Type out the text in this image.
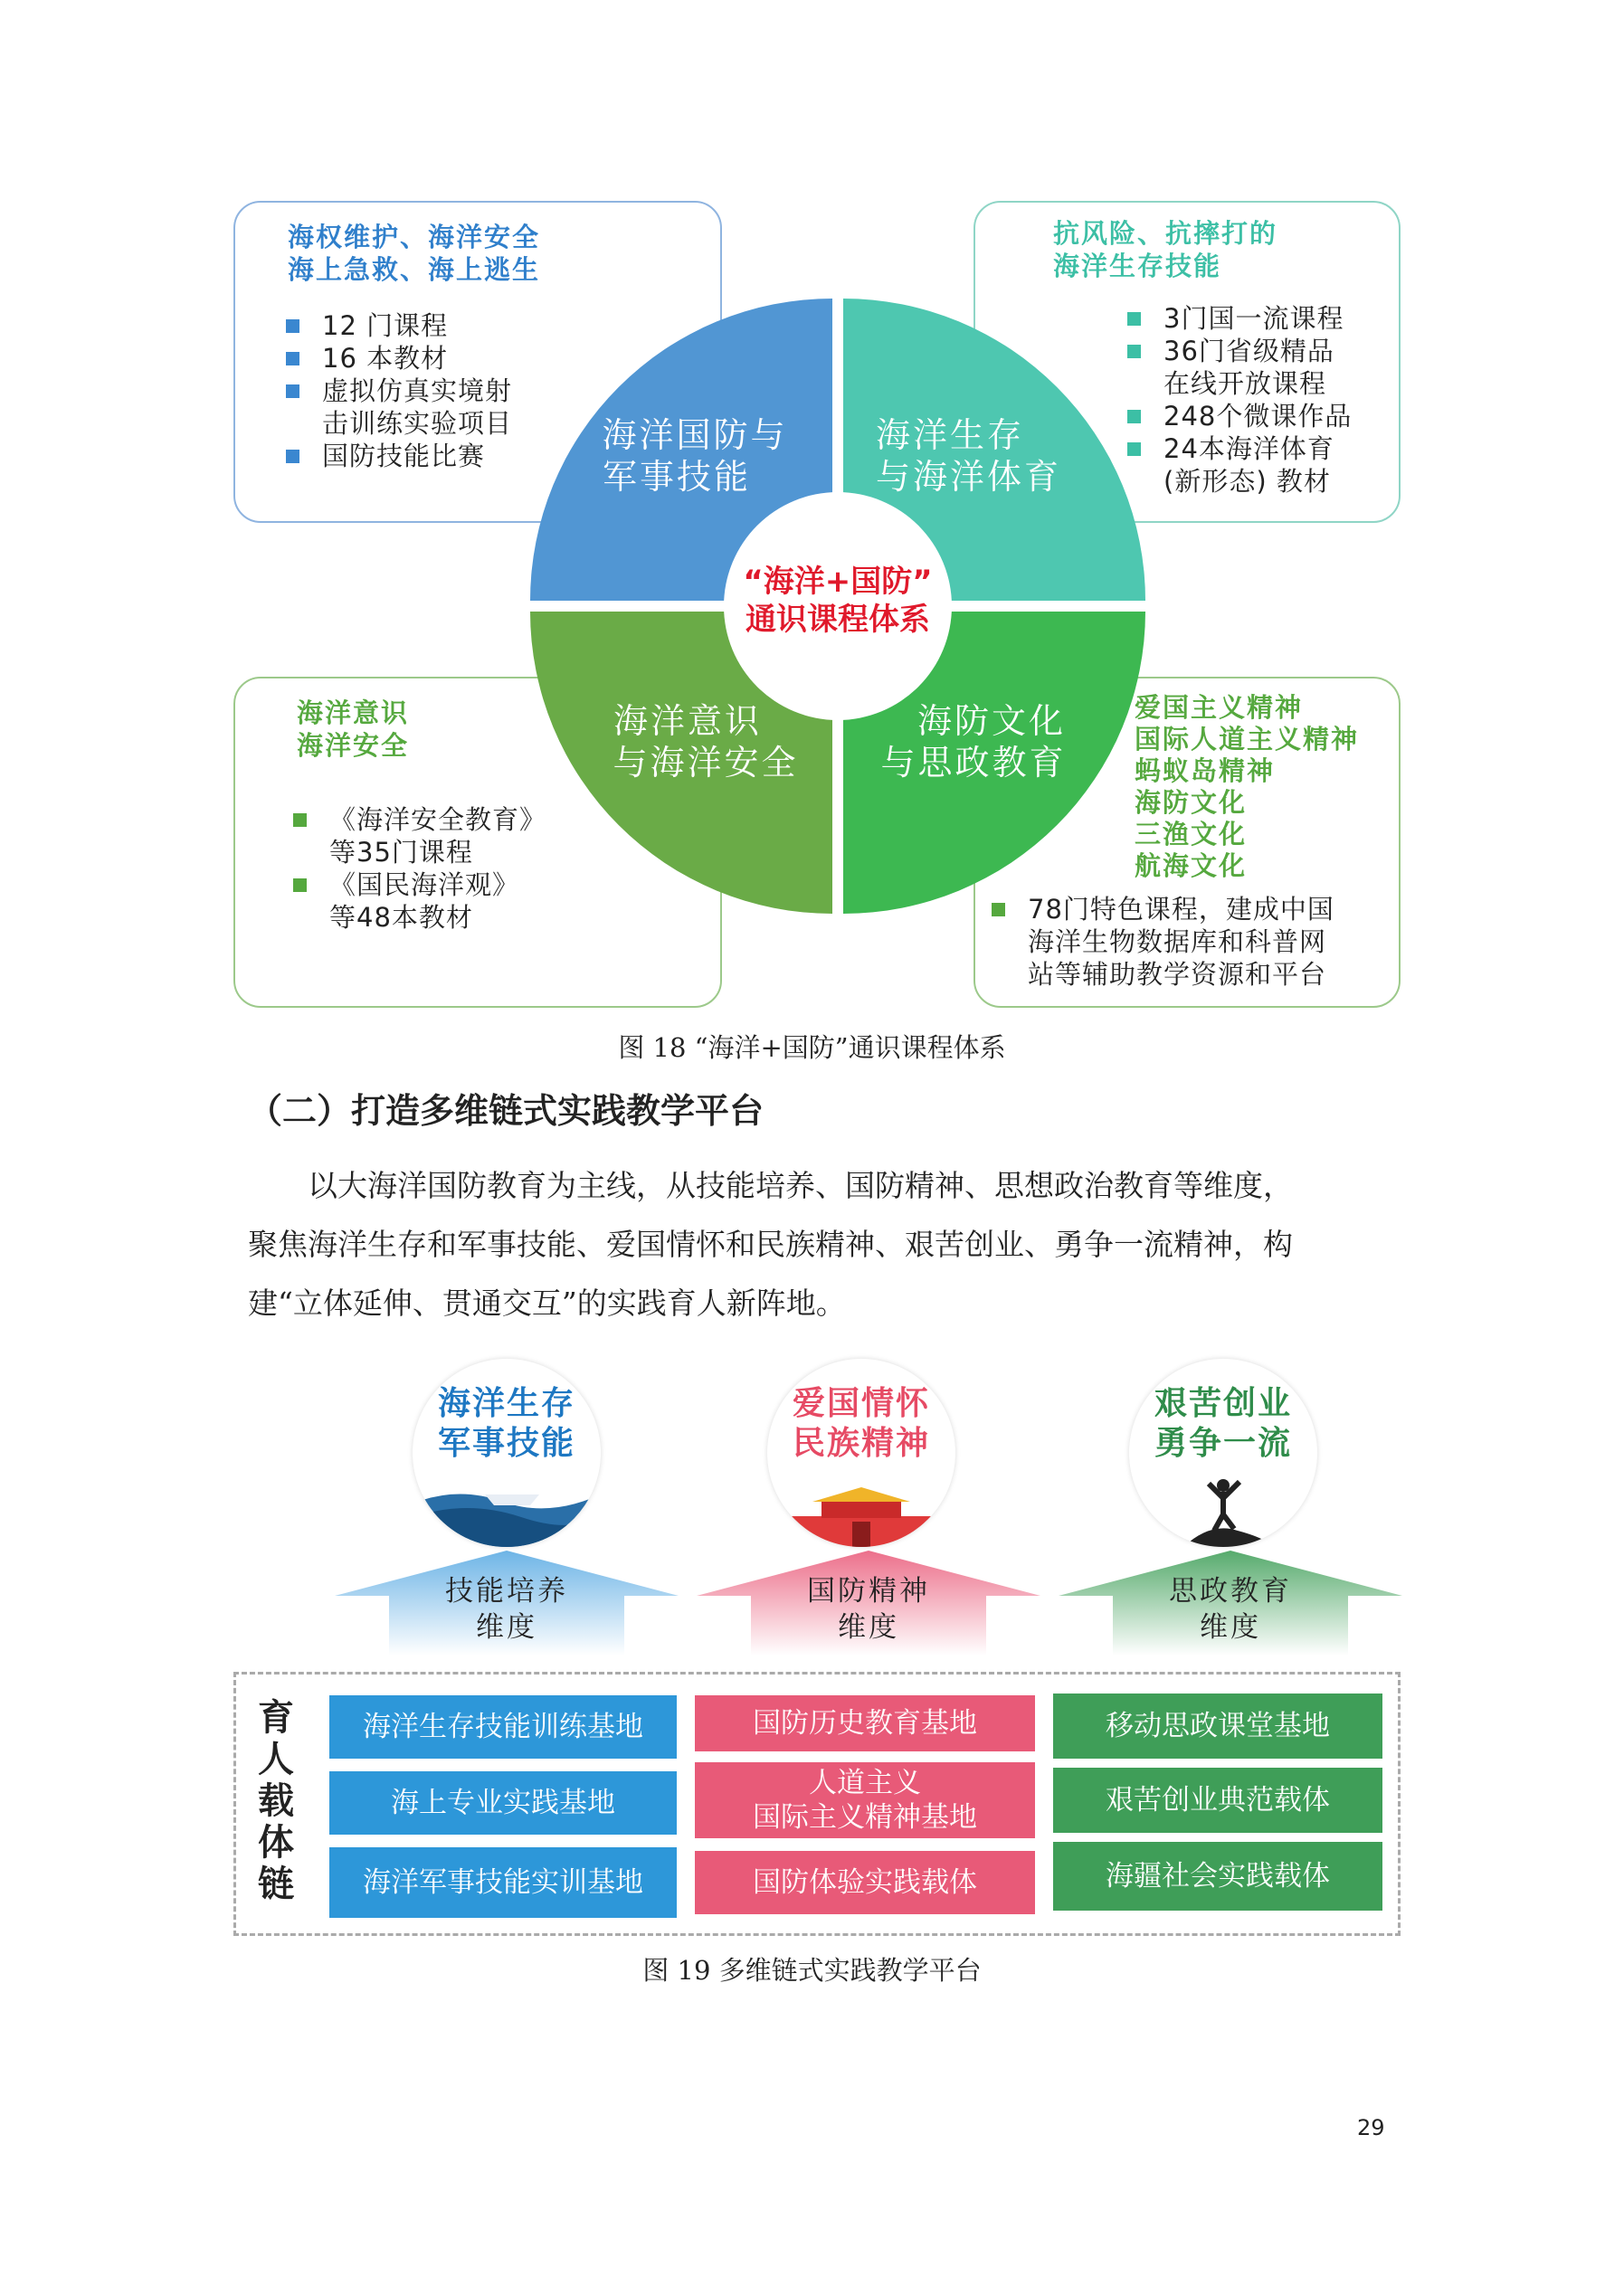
海权维护、海洋安全
海上急救、海上逃生
12 门课程
16 本教材
虚拟仿真实境射
击训练实验项目
国防技能比赛
抗风险、抗摔打的
海洋生存技能
3门国一流课程
36门省级精品
在线开放课程
248个微课作品
24本海洋体育
(新形态) 教材
海洋意识
海洋安全
《海洋安全教育》
等35门课程
《国民海洋观》
等48本教材
爱国主义精神
国际人道主义精神
蚂蚁岛精神
海防文化
三渔文化
航海文化
78门特色课程，建成中国
海洋生物数据库和科普网
站等辅助教学资源和平台
海洋国防与
军事技能
海洋生存
与海洋体育
海洋意识
与海洋安全
海防文化
与思政教育
“海洋+国防”
通识课程体系
图 18 “海洋+国防”通识课程体系
（二）打造多维链式实践教学平台
以大海洋国防教育为主线，从技能培养、国防精神、思想政治教育等维度，
聚焦海洋生存和军事技能、爱国情怀和民族精神、艰苦创业、勇争一流精神，构
建“立体延伸、贯通交互”的实践育人新阵地。
海洋生存
军事技能
爱国情怀
民族精神
艰苦创业
勇争一流
技能培养
维度
国防精神
维度
思政教育
维度
育
人
载
体
链
海洋生存技能训练基地
海上专业实践基地
海洋军事技能实训基地
国防历史教育基地
人道主义
国际主义精神基地
国防体验实践载体
移动思政课堂基地
艰苦创业典范载体
海疆社会实践载体
图 19 多维链式实践教学平台
29
